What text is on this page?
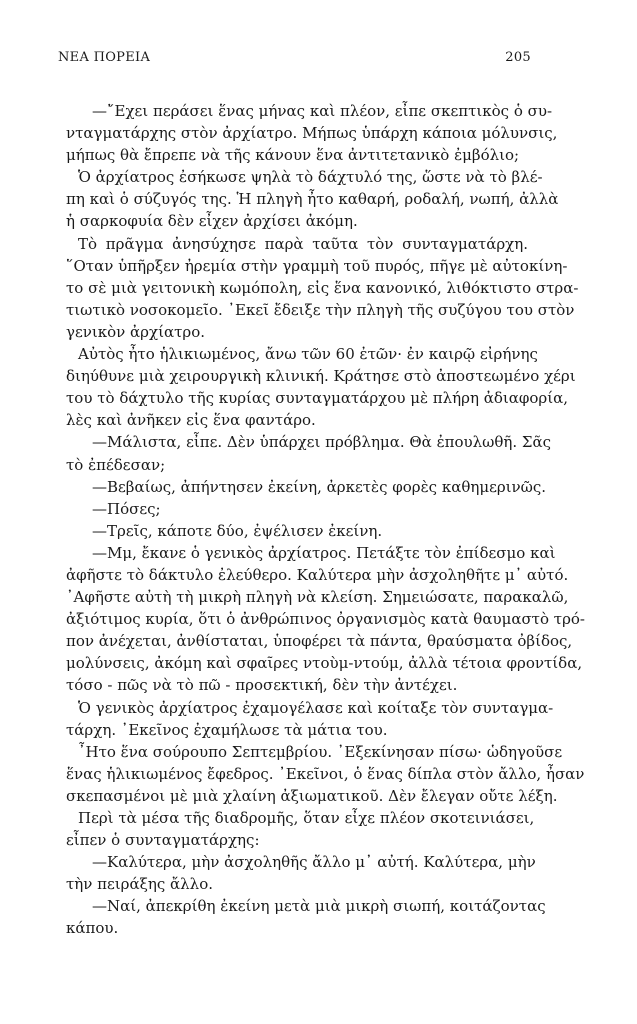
ΝΕΑ ΠΟΡΕΙΑ	205
—῎Εχει περάσει ἕνας μήνας καὶ πλέον, εἶπε σκεπτικὸς ὁ συ-
νταγματάρχης στὸν ἀρχίατρο. Μήπως ὑπάρχη κάποια μόλυνσις,
μήπως θὰ ἔπρεπε νὰ τῆς κάνουν ἕνα ἀντιτετανικὸ ἐμβόλιο;
Ὁ ἀρχίατρος ἐσήκωσε ψηλὰ τὸ δάχτυλό της, ὥστε νὰ τὸ βλέ-
πη καὶ ὁ σύζυγός της. Ἡ πληγὴ ἦτο καθαρή, ροδαλή, νωπή, ἀλλὰ
ἡ σαρκοφυία δὲν εἶχεν ἀρχίσει ἀκόμη.
Τὸ πρᾶγμα ἀνησύχησε παρὰ ταῦτα τὸν συνταγματάρχη.
῞Οταν ὑπῆρξεν ἠρεμία στὴν γραμμὴ τοῦ πυρός, πῆγε μὲ αὐτοκίνη-
το σὲ μιὰ γειτονικὴ κωμόπολη, εἰς ἕνα κανονικό, λιθόκτιστο στρα-
τιωτικὸ νοσοκομεῖο. ᾿Εκεῖ ἔδειξε τὴν πληγὴ τῆς συζύγου του στὸν
γενικὸν ἀρχίατρο.
Αὐτὸς ἦτο ἡλικιωμένος, ἄνω τῶν 60 ἐτῶν· ἐν καιρῷ εἰρήνης
διηύθυνε μιὰ χειρουργικὴ κλινική. Κράτησε στὸ ἀποστεωμένο χέρι
του τὸ δάχτυλο τῆς κυρίας συνταγματάρχου μὲ πλήρη ἀδιαφορία,
λὲς καὶ ἀνῆκεν εἰς ἕνα φαντάρο.
—Μάλιστα, εἶπε. Δὲν ὑπάρχει πρόβλημα. Θὰ ἐπουλωθῆ. Σᾶς
τὸ ἐπέδεσαν;
—Βεβαίως, ἀπήντησεν ἐκείνη, ἀρκετὲς φορὲς καθημερινῶς.
—Πόσες;
—Τρεῖς, κάποτε δύο, ἐψέλισεν ἐκείνη.
—Μμ, ἔκανε ὁ γενικὸς ἀρχίατρος. Πετάξτε τὸν ἐπίδεσμο καὶ
ἀφῆστε τὸ δάκτυλο ἐλεύθερο. Καλύτερα μὴν ἀσχοληθῆτε μ᾿ αὐτό.
᾿Αφῆστε αὐτὴ τὴ μικρὴ πληγὴ νὰ κλείση. Σημειώσατε, παρακαλῶ,
ἀξιότιμος κυρία, ὅτι ὁ ἀνθρώπινος ὀργανισμὸς κατὰ θαυμαστὸ τρό-
πον ἀνέχεται, ἀνθίσταται, ὑποφέρει τὰ πάντα, θραύσματα ὀβίδος,
μολύνσεις, ἀκόμη καὶ σφαῖρες ντοὺμ-ντούμ, ἀλλὰ τέτοια φροντίδα,
τόσο - πῶς νὰ τὸ πῶ - προσεκτική, δὲν τὴν ἀντέχει.
Ὁ γενικὸς ἀρχίατρος ἐχαμογέλασε καὶ κοίταξε τὸν συνταγμα-
τάρχη. ᾿Εκεῖνος ἐχαμήλωσε τὰ μάτια του.
῏Ητο ἕνα σούρουπο Σεπτεμβρίου. ᾿Εξεκίνησαν πίσω· ὡδηγοῦσε
ἕνας ἡλικιωμένος ἔφεδρος. ᾿Εκεῖνοι, ὁ ἕνας δίπλα στὸν ἄλλο, ἦσαν
σκεπασμένοι μὲ μιὰ χλαίνη ἀξιωματικοῦ. Δὲν ἔλεγαν οὔτε λέξη.
Περὶ τὰ μέσα τῆς διαδρομῆς, ὅταν εἶχε πλέον σκοτεινιάσει,
εἶπεν ὁ συνταγματάρχης:
—Καλύτερα, μὴν ἀσχοληθῆς ἄλλο μ᾿ αὐτή. Καλύτερα, μὴν
τὴν πειράξης ἄλλο.
—Ναί, ἀπεκρίθη ἐκείνη μετὰ μιὰ μικρὴ σιωπή, κοιτάζοντας
κάπου.
